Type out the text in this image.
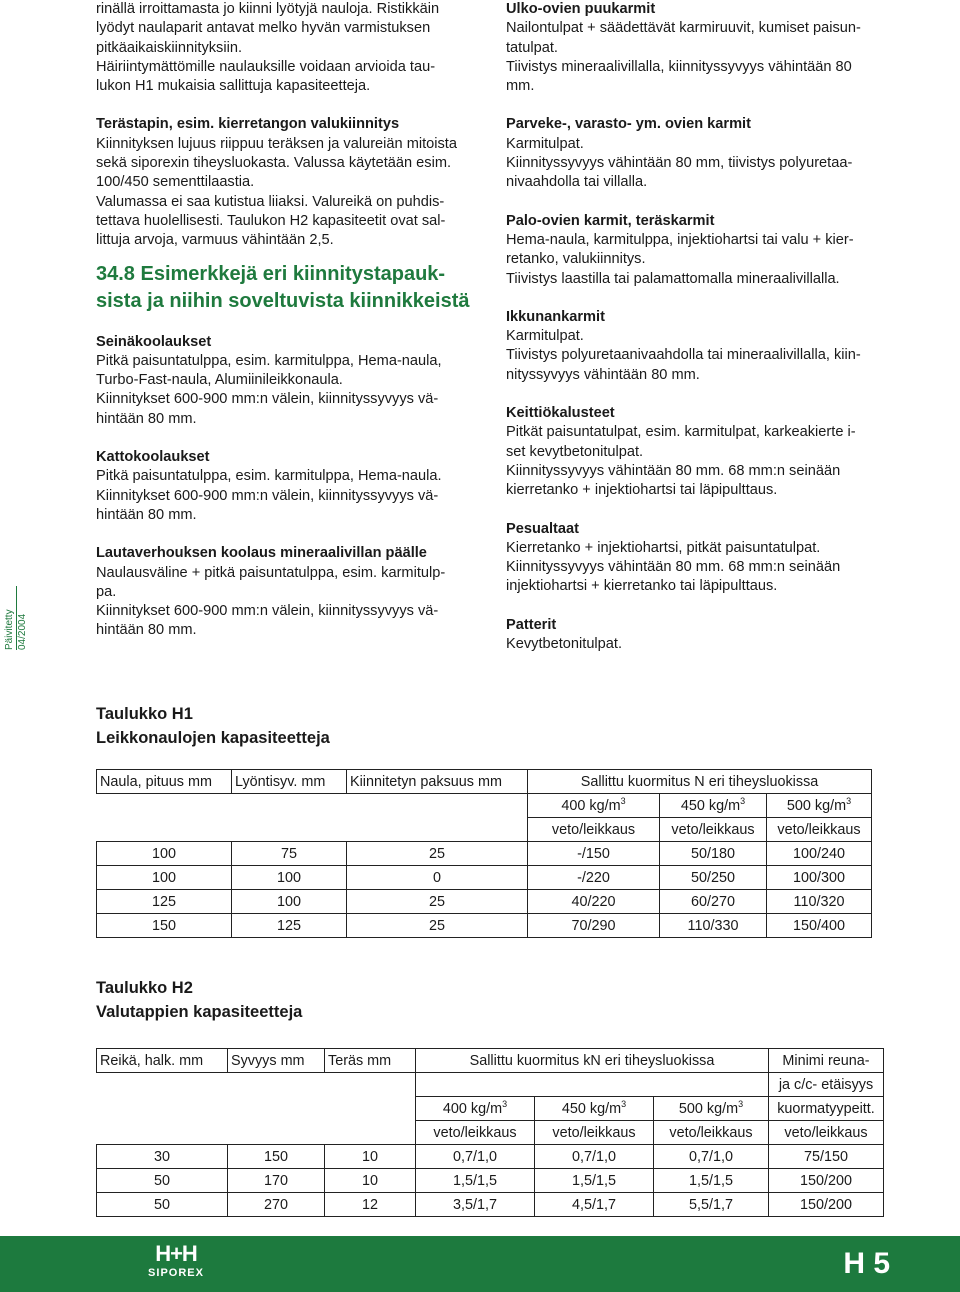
rinällä irroittamasta jo kiinni lyötyjä nauloja. Ristikkäin

lyödyt naulaparit antavat melko hyvän varmistuksen

pitkäaikaiskiinnityksiin.

Häiriintymättömille naulauksille voidaan arvioida tau-

lukon H1 mukaisia sallittuja kapasiteetteja.

Terästapin, esim. kierretangon valukiinnitys

Kiinnityksen lujuus riippuu teräksen ja valureiän mitoista

sekä siporexin tiheysluokasta. Valussa käytetään esim.

100/450 sementtilaastia.

Valumassa ei saa kutistua liiaksi. Valureikä on puhdis-

tettava huolellisesti. Taulukon H2 kapasiteetit ovat sal-

littuja arvoja, varmuus vähintään 2,5.

34.8 Esimerkkejä eri kiinnitystapauk-
sista ja niihin soveltuvista kiinnikkeistä

Seinäkoolaukset

Pitkä paisuntatulppa, esim. karmitulppa, Hema-naula,

Turbo-Fast-naula, Alumiinileikkonaula.

Kiinnitykset 600-900 mm:n välein, kiinnityssyvyys vä-

hintään 80 mm.

Kattokoolaukset

Pitkä paisuntatulppa, esim. karmitulppa, Hema-naula.

Kiinnitykset 600-900 mm:n välein, kiinnityssyvyys vä-

hintään 80 mm.

Lautaverhouksen koolaus mineraalivillan päälle

Naulausväline + pitkä paisuntatulppa, esim. karmitulp-

pa.

Kiinnitykset 600-900 mm:n välein, kiinnityssyvyys vä-

hintään 80 mm.

Ulko-ovien puukarmit

Nailontulpat + säädettävät karmiruuvit, kumiset paisun-

tatulpat.

Tiivistys mineraalivillalla, kiinnityssyvyys vähintään 80

mm.

Parveke-, varasto- ym. ovien karmit

Karmitulpat.

Kiinnityssyvyys vähintään 80 mm, tiivistys polyuretaa-

nivaahdolla tai villalla.

Palo-ovien karmit, teräskarmit

Hema-naula, karmitulppa, injektiohartsi tai valu + kier-

retanko, valukiinnitys.

Tiivistys laastilla tai palamattomalla mineraalivillalla.

Ikkunankarmit

Karmitulpat.

Tiivistys polyuretaanivaahdolla tai mineraalivillalla, kiin-

nityssyvyys vähintään 80 mm.

Keittiökalusteet

Pitkät paisuntatulpat, esim. karmitulpat, karkeakierte i-

set kevytbetonitulpat.

Kiinnityssyvyys vähintään 80 mm. 68 mm:n seinään

kierretanko + injektiohartsi tai läpipulttaus.

Pesualtaat

Kierretanko + injektiohartsi, pitkät paisuntatulpat.

Kiinnityssyvyys vähintään 80 mm. 68 mm:n seinään

injektiohartsi + kierretanko tai läpipulttaus.

Patterit

Kevytbetonitulpat.

Päivitetty 04/2004
Taulukko H1
Leikkonaulojen kapasiteetteja
Naula, pituus mm	Lyöntisyv. mm	Kiinnitetyn paksuus mm	Sallittu kuormitus N eri tiheysluokissa		
			400 $kg/m^3$	450 $kg/m^3$	500 $kg/m^3$
			veto/leikkaus	veto/leikkaus	veto/leikkaus
100	75	25	-/150	50/180	100/240
100	100	0	-/220	50/250	100/300
125	100	25	40/220	60/270	110/320
150	125	25	70/290	110/330	150/400
Taulukko H2
Valutappien kapasiteetteja
Reikä, halk. mm	Syvyys mm	Teräs mm	Sallittu kuormitus kN eri tiheysluokissa			Minimi reuna-
						ja c/c- etäisyys
			400 $kg/m^3$	450 $kg/m^3$	500 $kg/m^3$	kuormatyypeitt.
			veto/leikkaus	veto/leikkaus	veto/leikkaus	veto/leikkaus
30	150	10	0,7/1,0	0,7/1,0	0,7/1,0	75/150
50	170	10	1,5/1,5	1,5/1,5	1,5/1,5	150/200
50	270	12	3,5/1,7	4,5/1,7	5,5/1,7	150/200
H+H
SIPOREX	H 5
